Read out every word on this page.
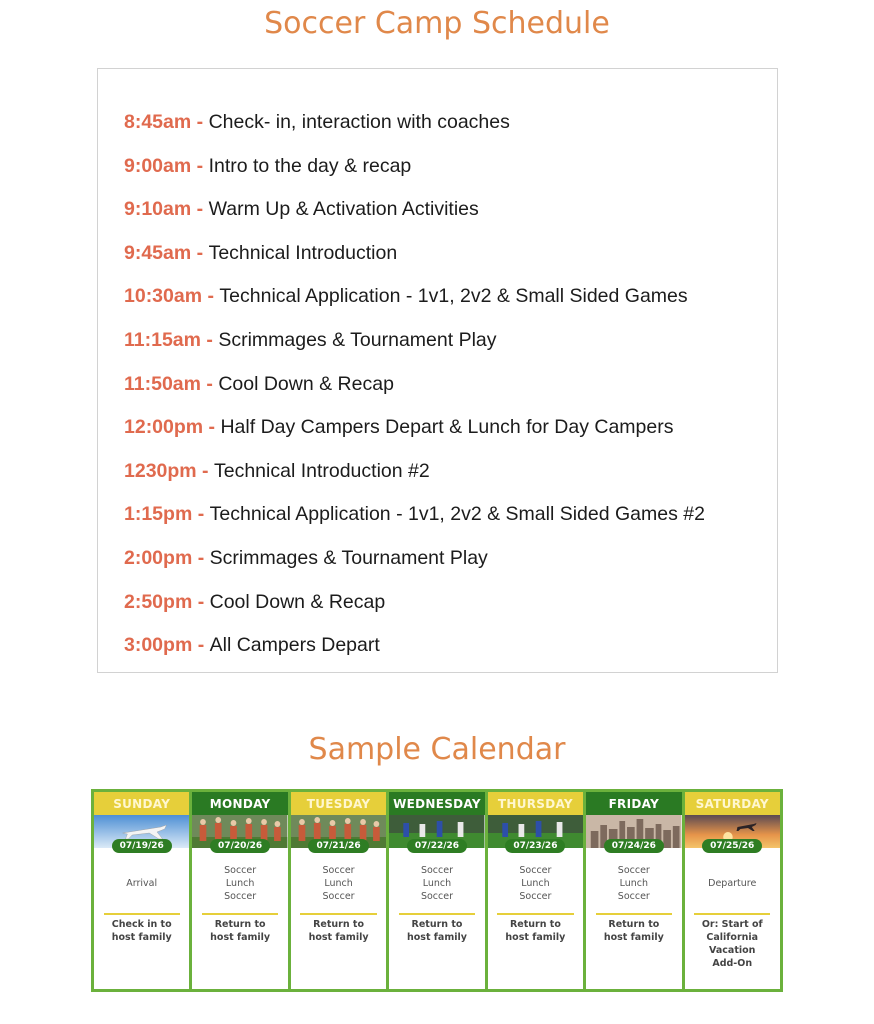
Soccer Camp Schedule
8:45am - Check- in, interaction with coaches
9:00am - Intro to the day & recap
9:10am - Warm Up & Activation Activities
9:45am - Technical Introduction
10:30am - Technical Application - 1v1, 2v2 & Small Sided Games
11:15am - Scrimmages & Tournament Play
11:50am - Cool Down & Recap
12:00pm - Half Day Campers Depart & Lunch for Day Campers
1230pm - Technical Introduction #2
1:15pm - Technical Application - 1v1, 2v2 & Small Sided Games #2
2:00pm - Scrimmages & Tournament Play
2:50pm - Cool Down & Recap
3:00pm - All Campers Depart
Sample Calendar
SUNDAY
07/19/26
Arrival
Check in to
host family
MONDAY
07/20/26
Soccer
Lunch
Soccer
Return to
host family
TUESDAY
07/21/26
Soccer
Lunch
Soccer
Return to
host family
WEDNESDAY
07/22/26
Soccer
Lunch
Soccer
Return to
host family
THURSDAY
07/23/26
Soccer
Lunch
Soccer
Return to
host family
FRIDAY
07/24/26
Soccer
Lunch
Soccer
Return to
host family
SATURDAY
07/25/26
Departure
Or: Start of
California
Vacation
Add-On
